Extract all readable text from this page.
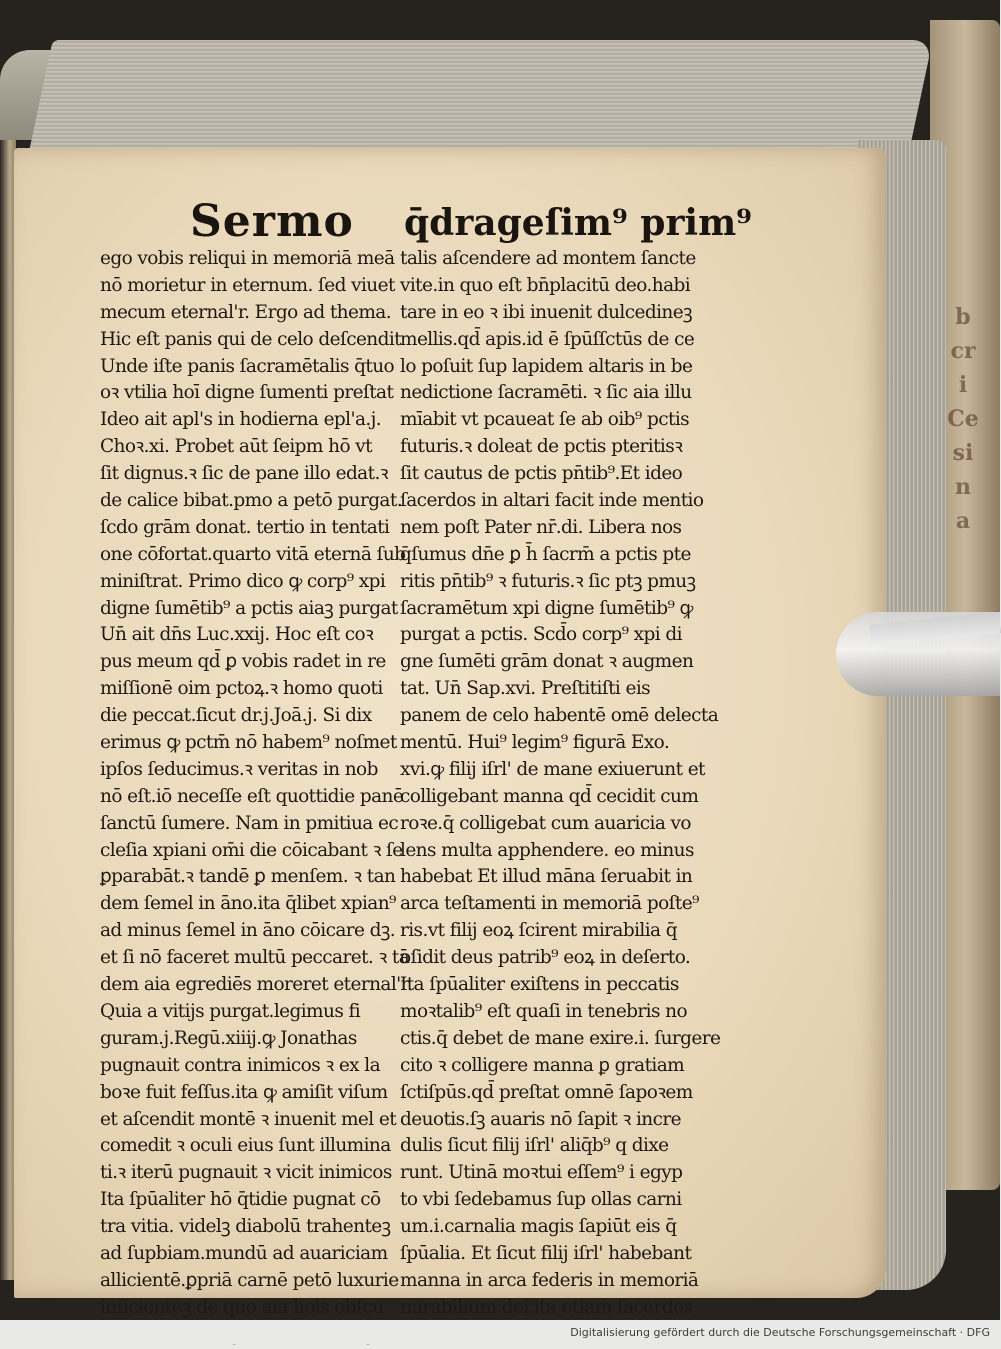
b
cr
i
Ce
si
n
a
Sermo q̄drageſim⁹ prim⁹
ego vobis reliqui in memoriā meā
nō morietur in eternum. ſed viuet
mecum eternal'r. Ergo ad thema.
Hic eſt panis qui de celo deſcendit
Unde iſte panis ſacramētalis q̄tuo
oꝛ vtilia hoī digne ſumenti preſtat
Ideo ait apl's in hodierna epl'a.j.
Choꝛ.xi. Probet aūt ſeipm hō vt
ſit dignus.ꝛ ſic de pane illo edat.ꝛ
de calice bibat.pmo a petō purgat.
ſcdo grām donat. tertio in tentati
one cōfortat.quarto vitā eternā ſub
miniſtrat. Primo dico ꝙ corp⁹ xpi
digne ſumētib⁹ a pctis aiaꝫ purgat
Un̄ ait dn̄s Luc.xxij. Hoc eſt coꝛ
pus meum qd̄ ꝑ vobis radet in re
miſſionē oim pctoꝝ.ꝛ homo quoti
die peccat.ſicut dr.j.Joā.j. Si dix
erimus ꝙ pctm̄ nō habem⁹ noſmet
ipſos ſeducimus.ꝛ veritas in nob
nō eſt.iō neceſſe eſt quottidie panē
ſanctū ſumere. Nam in pmitiua ec
cleſia xpiani om̄i die cōicabant ꝛ ſe
ꝑparabāt.ꝛ tandē ꝑ menſem. ꝛ tan
dem ſemel in āno.ita q̄libet xpian⁹
ad minus ſemel in āno cōicare dꝫ.
et ſi nō faceret multū peccaret. ꝛ tā
dem aia egrediēs moreret eternal'r.
Quia a vitijs purgat.legimus fi
guram.j.Regū.xiiij.ꝙ Jonathas
pugnauit contra inimicos ꝛ ex la
boꝛe fuit feſſus.ita ꝙ amiſit viſum
et aſcendit montē ꝛ inuenit mel et
comedit ꝛ oculi eius ſunt illumina
ti.ꝛ iterū pugnauit ꝛ vicit inimicos
Ita ſpūaliter hō q̄tidie pugnat cō
tra vitia. videlꝫ diabolū trahenteꝫ
ad ſupbiam.mundū ad auariciam
allicientē.ꝑpriā carnē petō luxurie
inficienteꝫ.de quo aia hois obſcu
talis aſcendere ad montem ſancte
vite.in quo eſt bn̄placitū deo.habi
tare in eo ꝛ ibi inuenit dulcedineꝫ
mellis.qd̄ apis.id ē ſpūſſctūs de ce
lo poſuit ſup lapidem altaris in be
nedictione ſacramēti. ꝛ ſic aia illu
mīabit vt pcaueat ſe ab oib⁹ pctis
futuris.ꝛ doleat de pctis pteritisꝛ
ſit cautus de pctis pn̄tib⁹.Et ideo
ſacerdos in altari facit inde mentio
nem poſt Pater nr̄.di. Libera nos
q̄ſumus dn̄e ꝑ h̄ ſacrm̄ a pctis pte
ritis pn̄tib⁹ ꝛ futuris.ꝛ ſic ptꝫ pmuꝫ
ſacramētum xpi digne ſumētib⁹ ꝙ
purgat a pctis. Scd̄o corp⁹ xpi di
gne ſumēti grām donat ꝛ augmen
tat. Un̄ Sap.xvi. Preſtitiſti eis
panem de celo habentē omē delecta
mentū. Hui⁹ legim⁹ figurā Exo.
xvi.ꝙ filij iſrl' de mane exiuerunt et
colligebant manna qd̄ cecidit cum
roꝛe.q̄ colligebat cum auaricia vo
lens multa apphendere. eo minus
habebat Et illud māna ſeruabit in
arca teſtamenti in memoriā poſte⁹
ris.vt filij eoꝝ ſcirent mirabilia q̄
oſidit deus patrib⁹ eoꝝ in deſerto.
Ita ſpūaliter exiſtens in peccatis
moꝛtalib⁹ eſt quaſi in tenebris no
ctis.q̄ debet de mane exire.i. ſurgere
cito ꝛ colligere manna ꝑ gratiam
ſctiſpūs.qd̄ preſtat omnē ſapoꝛem
deuotis.ſꝫ auaris nō ſapit ꝛ incre
dulis ſicut filij iſrl' aliq̄b⁹ q dixe
runt. Utinā moꝛtui eſſem⁹ i egyp
to vbi ſedebamus ſup ollas carni
um.i.carnalia magis ſapiūt eis q̄
ſpūalia. Et ſicut filij iſrl' habebant
manna in arca federis in memoriā
mirabilium dei.ita etiam ſacerdos
Digitalisierung gefördert durch die Deutsche Forschungsgemeinschaft · DFG
